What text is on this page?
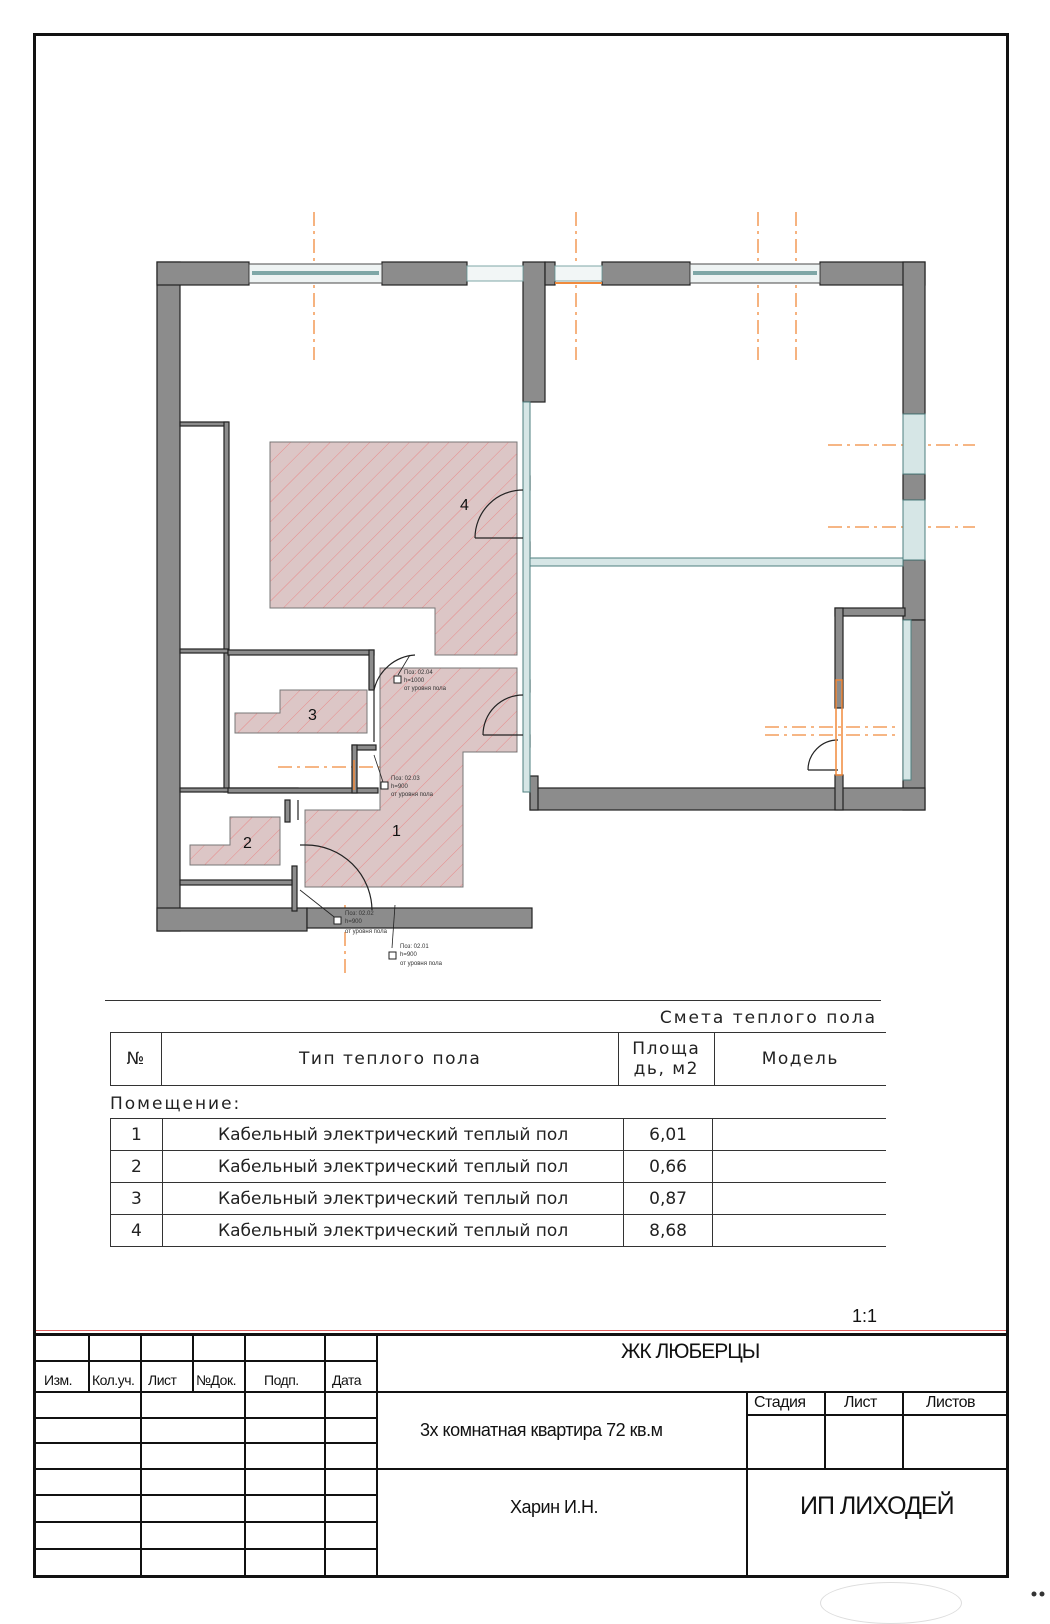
1
2
3
4
Поз: 02.04
h=1000
от уровня пола
Поз: 02.03
h=900
от уровня пола
Поз: 02.02
h=900
от уровня пола
Поз: 02.01
h=900
от уровня пола
Смета теплого пола
№	Тип теплого пола	Площа дь, м2	Модель
Помещение:
1	Кабельный электрический теплый пол	6,01	
2	Кабельный электрический теплый пол	0,66	
3	Кабельный электрический теплый пол	0,87	
4	Кабельный электрический теплый пол	8,68	
1:1
Изм. Кол.уч. Лист №Док. Подп. Дата
ЖК ЛЮБЕРЦЫ
Стадия Лист	Листов
3х комнатная квартира 72 кв.м
Харин И.Н.	ИП ЛИХОДЕЙ
